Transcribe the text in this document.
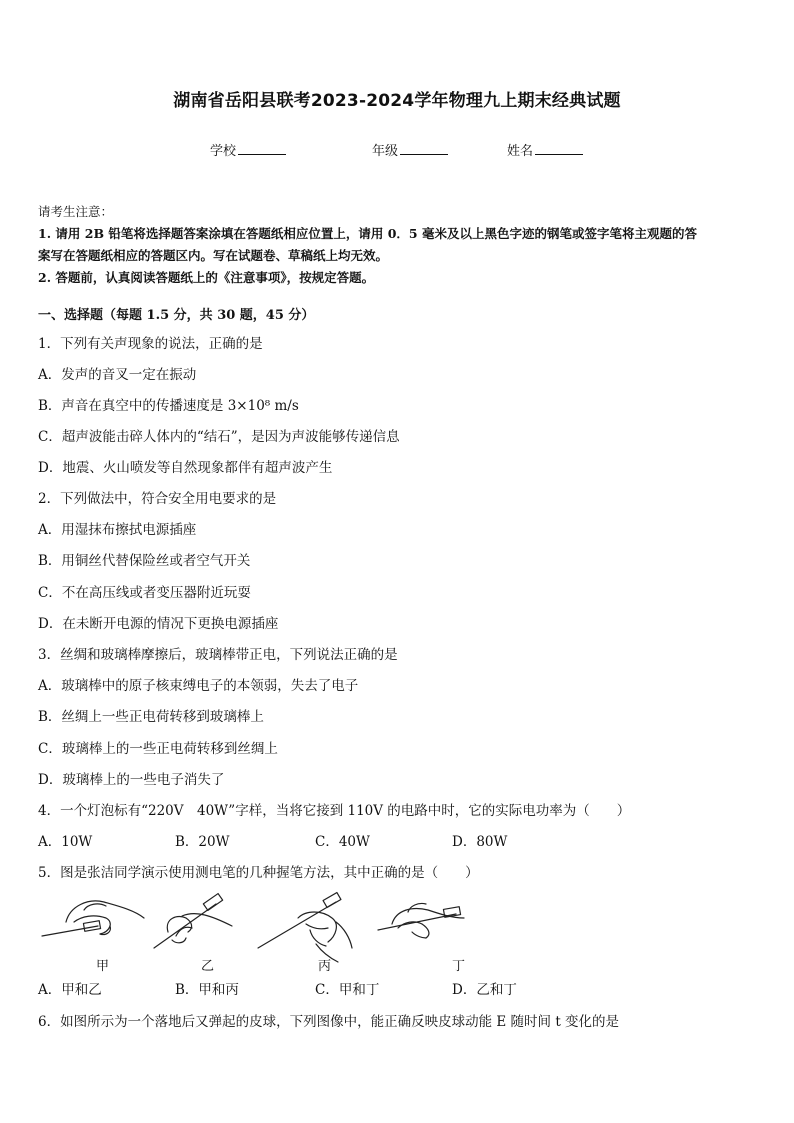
湖南省岳阳县联考2023-2024学年物理九上期末经典试题
学校	年级	姓名
请考生注意：
1. 请用 2B 铅笔将选择题答案涂填在答题纸相应位置上，请用 0．5 毫米及以上黑色字迹的钢笔或签字笔将主观题的答
案写在答题纸相应的答题区内。写在试题卷、草稿纸上均无效。
2. 答题前，认真阅读答题纸上的《注意事项》，按规定答题。
一、选择题（每题 1.5 分，共 30 题，45 分）
1．下列有关声现象的说法，正确的是
A．发声的音叉一定在振动
B．声音在真空中的传播速度是 3×10⁸ m/s
C．超声波能击碎人体内的“结石”，是因为声波能够传递信息
D．地震、火山喷发等自然现象都伴有超声波产生
2．下列做法中，符合安全用电要求的是
A．用湿抹布擦拭电源插座
B．用铜丝代替保险丝或者空气开关
C．不在高压线或者变压器附近玩耍
D．在未断开电源的情况下更换电源插座
3．丝绸和玻璃棒摩擦后，玻璃棒带正电，下列说法正确的是
A．玻璃棒中的原子核束缚电子的本领弱，失去了电子
B．丝绸上一些正电荷转移到玻璃棒上
C．玻璃棒上的一些正电荷转移到丝绸上
D．玻璃棒上的一些电子消失了
4．一个灯泡标有“220V　40W”字样，当将它接到 110V 的电路中时，它的实际电功率为（　　）
A．10W	B．20W	C．40W	D．80W
5．图是张洁同学演示使用测电笔的几种握笔方法，其中正确的是（　　）
甲	乙	丙	丁
A．甲和乙	B．甲和丙	C．甲和丁	D．乙和丁
6．如图所示为一个落地后又弹起的皮球，下列图像中，能正确反映皮球动能 E 随时间 t 变化的是
